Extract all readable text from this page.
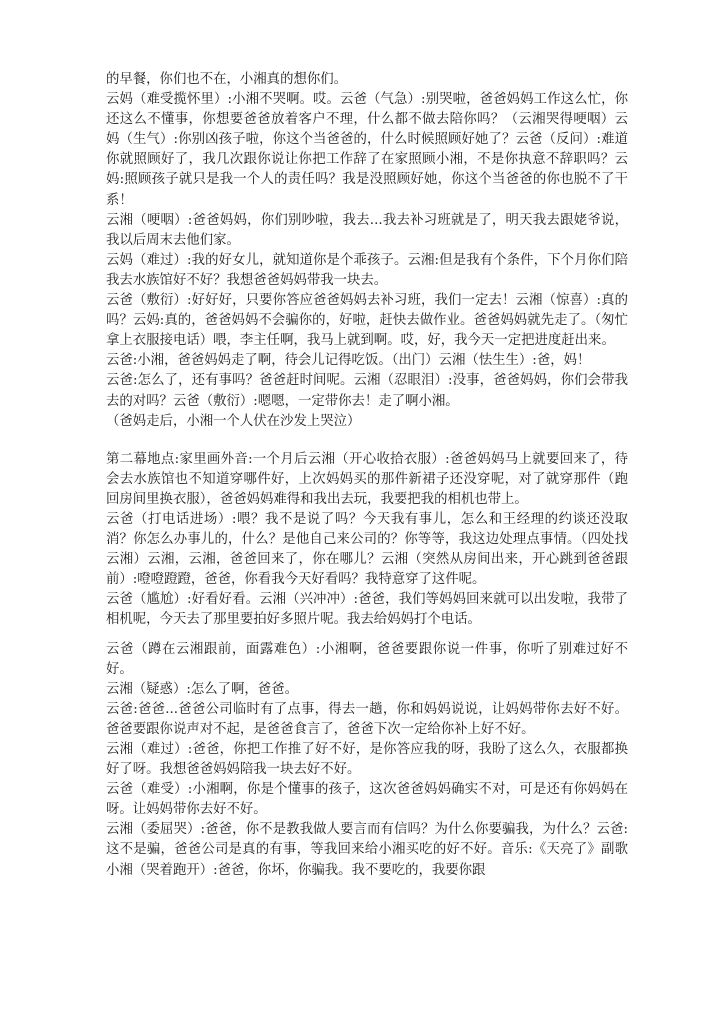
的早餐，你们也不在，小湘真的想你们。

云妈（难受揽怀里）:小湘不哭啊。哎。云爸（气急）:别哭啦，爸爸妈妈工作这么忙，你还这么不懂事，你想要爸爸放着客户不理，什么都不做去陪你吗？（云湘哭得哽咽）云妈（生气）:你别凶孩子啦，你这个当爸爸的，什么时候照顾好她了？云爸（反问）:难道你就照顾好了，我几次跟你说让你把工作辞了在家照顾小湘，不是你执意不辞职吗？云妈:照顾孩子就只是我一个人的责任吗？我是没照顾好她，你这个当爸爸的你也脱不了干系！

云湘（哽咽）:爸爸妈妈，你们别吵啦，我去...我去补习班就是了，明天我去跟姥爷说，我以后周末去他们家。

云妈（难过）:我的好女儿，就知道你是个乖孩子。云湘:但是我有个条件，下个月你们陪我去水族馆好不好？我想爸爸妈妈带我一块去。

云爸（敷衍）:好好好，只要你答应爸爸妈妈去补习班，我们一定去！云湘（惊喜）:真的吗？云妈:真的，爸爸妈妈不会骗你的，好啦，赶快去做作业。爸爸妈妈就先走了。（匆忙拿上衣服接电话）喂，李主任啊，我马上就到啊。哎，好，我今天一定把进度赶出来。

云爸:小湘，爸爸妈妈走了啊，待会儿记得吃饭。（出门）云湘（怯生生）:爸，妈！

云爸:怎么了，还有事吗？爸爸赶时间呢。云湘（忍眼泪）:没事，爸爸妈妈，你们会带我去的对吗？云爸（敷衍）:嗯嗯，一定带你去！走了啊小湘。

（爸妈走后，小湘一个人伏在沙发上哭泣）

第二幕地点:家里画外音:一个月后云湘（开心收拾衣服）:爸爸妈妈马上就要回来了，待会去水族馆也不知道穿哪件好，上次妈妈买的那件新裙子还没穿呢，对了就穿那件（跑回房间里换衣服），爸爸妈妈难得和我出去玩，我要把我的相机也带上。

云爸（打电话进场）:喂？我不是说了吗？今天我有事儿，怎么和王经理的约谈还没取消？你怎么办事儿的，什么？是他自己来公司的？你等等，我这边处理点事情。（四处找云湘）云湘，云湘，爸爸回来了，你在哪儿？云湘（突然从房间出来，开心跳到爸爸跟前）:噔噔蹬蹬，爸爸，你看我今天好看吗？我特意穿了这件呢。

云爸（尴尬）:好看好看。云湘（兴冲冲）:爸爸，我们等妈妈回来就可以出发啦，我带了相机呢，今天去了那里要拍好多照片呢。我去给妈妈打个电话。

云爸（蹲在云湘跟前，面露难色）:小湘啊，爸爸要跟你说一件事，你听了别难过好不好。

云湘（疑惑）:怎么了啊，爸爸。

云爸:爸爸...爸爸公司临时有了点事，得去一趟，你和妈妈说说，让妈妈带你去好不好。爸爸要跟你说声对不起，是爸爸食言了，爸爸下次一定给你补上好不好。

云湘（难过）:爸爸，你把工作推了好不好，是你答应我的呀，我盼了这么久，衣服都换好了呀。我想爸爸妈妈陪我一块去好不好。

云爸（难受）:小湘啊，你是个懂事的孩子，这次爸爸妈妈确实不对，可是还有你妈妈在呀。让妈妈带你去好不好。

云湘（委屈哭）:爸爸，你不是教我做人要言而有信吗？为什么你要骗我，为什么？云爸:这不是骗，爸爸公司是真的有事，等我回来给小湘买吃的好不好。音乐:《天亮了》副歌小湘（哭着跑开）:爸爸，你坏，你骗我。我不要吃的，我要你跟
